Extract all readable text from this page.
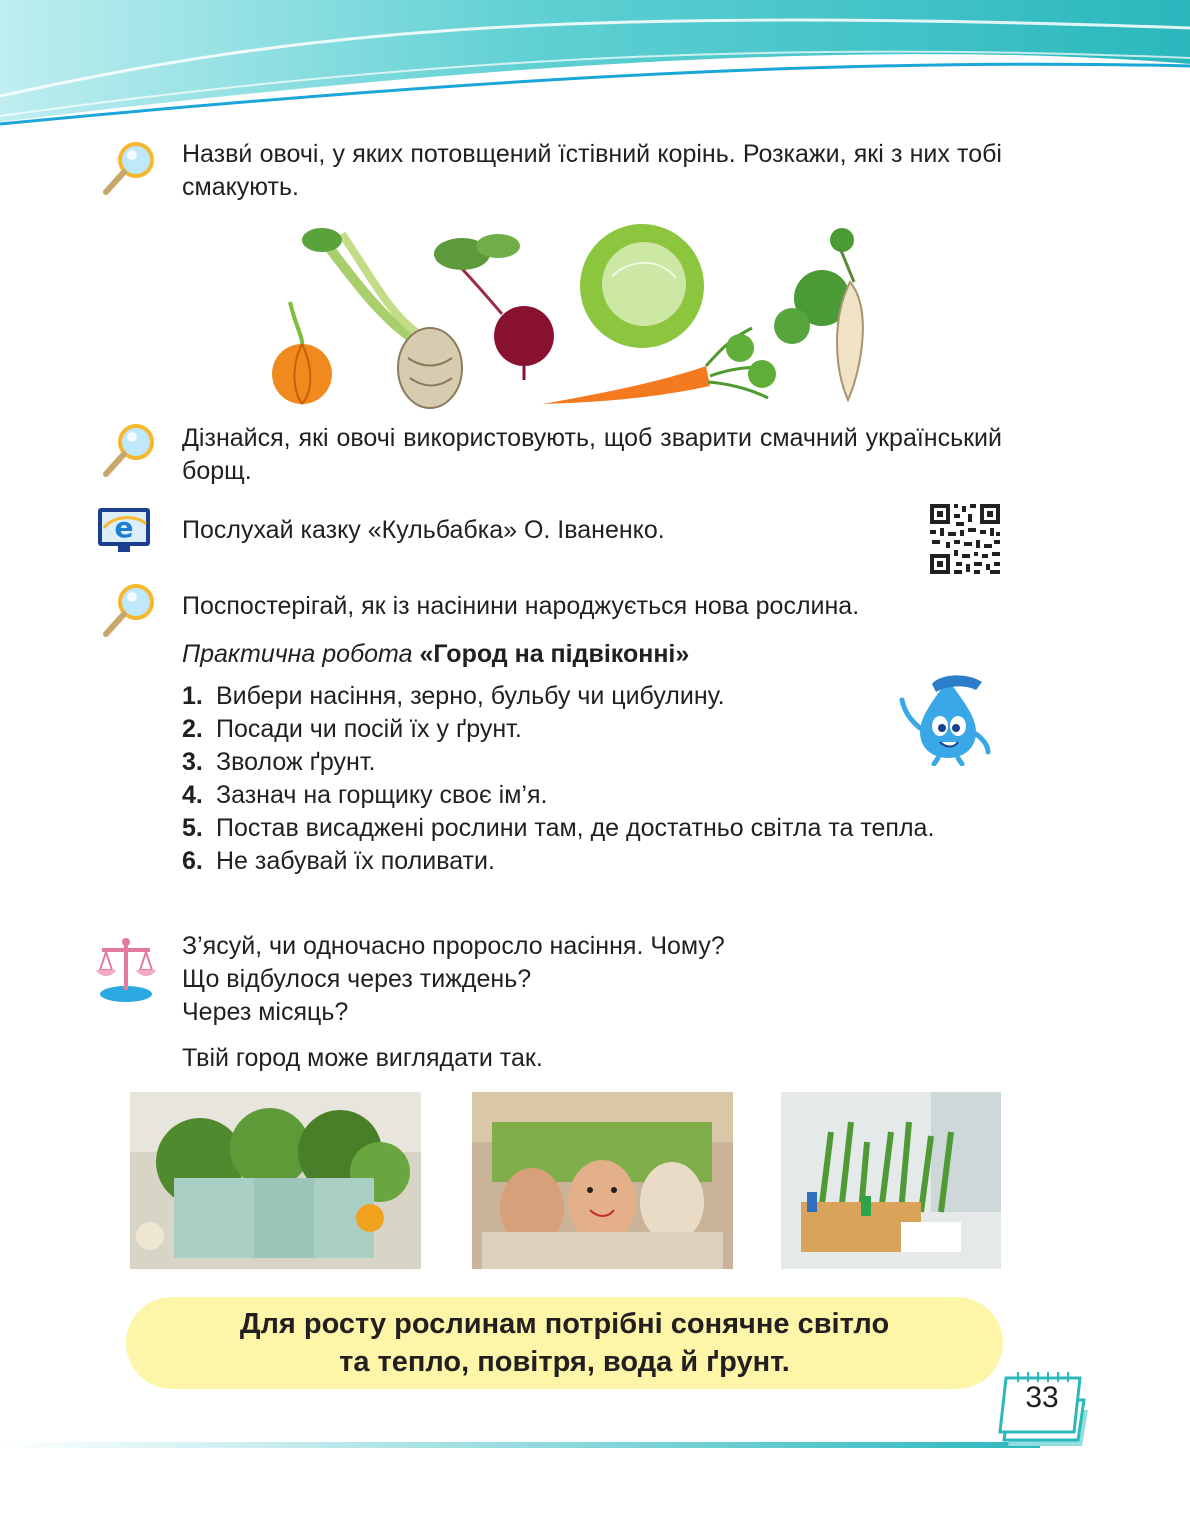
Назви́ овочі, у яких потовщений їстівний корінь. Розкажи, які з них тобі смакують.
Дізнайся, які овочі використовують, щоб зварити смачний український борщ.
e Послухай казку «Кульбабка» О. Іваненко.
Поспостерігай, як із насінини народжується нова рослина.
Практична робота «Город на підвіконні»
1. Вибери насіння, зерно, бульбу чи цибулину.
2. Посади чи посій їх у ґрунт.
3. Зволож ґрунт.
4. Зазнач на горщику своє ім’я.
5. Постав висаджені рослини там, де достатньо світла та тепла.
6. Не забувай їх поливати.
З’ясуй, чи одночасно проросло насіння. Чому?
Що відбулося через тиждень?
Через місяць?
Твій город може виглядати так.
Для росту рослинам потрібні сонячне світло
та тепло, повітря, вода й ґрунт.
33
